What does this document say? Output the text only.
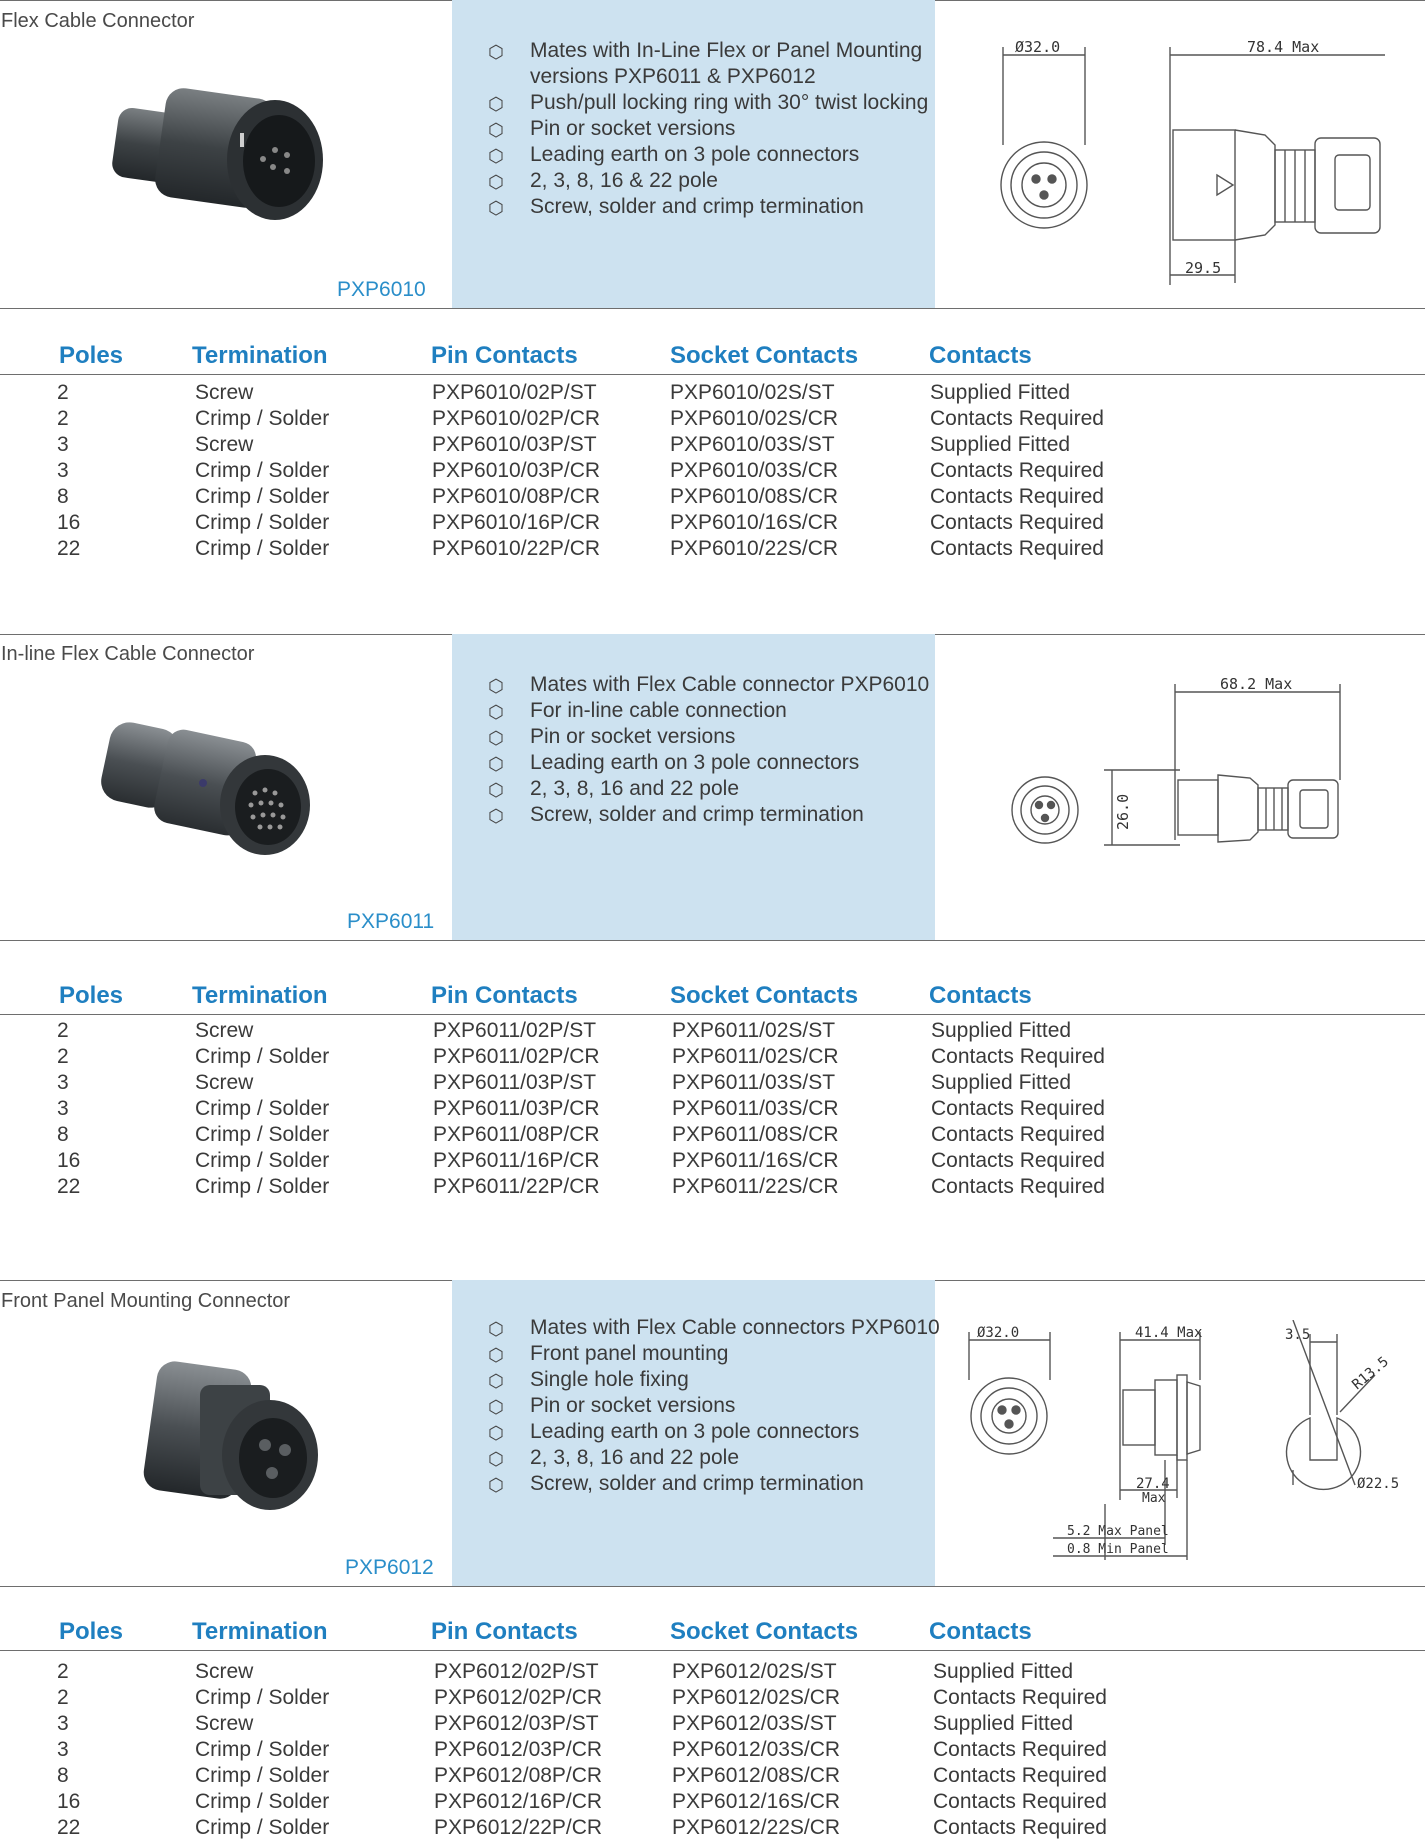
Flex Cable Connector
PXP6010
⬡ Mates with In-Line Flex or Panel Mounting versions PXP6011 & PXP6012
⬡ Push/pull locking ring with 30° twist locking
⬡ Pin or socket versions
⬡ Leading earth on 3 pole connectors
⬡ 2, 3, 8, 16 & 22 pole
⬡ Screw, solder and crimp termination
Ø32.0	78.4 Max
29.5
Poles	Termination	Pin Contacts	Socket Contacts	Contacts
2	Screw	PXP6010/02P/ST	PXP6010/02S/ST	Supplied Fitted
2	Crimp / Solder	PXP6010/02P/CR	PXP6010/02S/CR	Contacts Required
3	Screw	PXP6010/03P/ST	PXP6010/03S/ST	Supplied Fitted
3	Crimp / Solder	PXP6010/03P/CR	PXP6010/03S/CR	Contacts Required
8	Crimp / Solder	PXP6010/08P/CR	PXP6010/08S/CR	Contacts Required
16	Crimp / Solder	PXP6010/16P/CR	PXP6010/16S/CR	Contacts Required
22	Crimp / Solder	PXP6010/22P/CR	PXP6010/22S/CR	Contacts Required
In-line Flex Cable Connector
PXP6011
⬡ Mates with Flex Cable connector PXP6010
⬡ For in-line cable connection
⬡ Pin or socket versions
⬡ Leading earth on 3 pole connectors
⬡ 2, 3, 8, 16 and 22 pole
⬡ Screw, solder and crimp termination
68.2 Max
26.0
Poles	Termination	Pin Contacts	Socket Contacts	Contacts
2	Screw	PXP6011/02P/ST	PXP6011/02S/ST	Supplied Fitted
2	Crimp / Solder	PXP6011/02P/CR	PXP6011/02S/CR	Contacts Required
3	Screw	PXP6011/03P/ST	PXP6011/03S/ST	Supplied Fitted
3	Crimp / Solder	PXP6011/03P/CR	PXP6011/03S/CR	Contacts Required
8	Crimp / Solder	PXP6011/08P/CR	PXP6011/08S/CR	Contacts Required
16	Crimp / Solder	PXP6011/16P/CR	PXP6011/16S/CR	Contacts Required
22	Crimp / Solder	PXP6011/22P/CR	PXP6011/22S/CR	Contacts Required
Front Panel Mounting Connector
PXP6012
⬡ Mates with Flex Cable connectors PXP6010
⬡ Front panel mounting
⬡ Single hole fixing
⬡ Pin or socket versions
⬡ Leading earth on 3 pole connectors
⬡ 2, 3, 8, 16 and 22 pole
⬡ Screw, solder and crimp termination
Ø32.0	41.4 Max
27.4
Max
5.2 Max Panel
0.8 Min Panel
3.5
R13.5
Ø22.5
Poles	Termination	Pin Contacts	Socket Contacts	Contacts
2	Screw	PXP6012/02P/ST	PXP6012/02S/ST	Supplied Fitted
2	Crimp / Solder	PXP6012/02P/CR	PXP6012/02S/CR	Contacts Required
3	Screw	PXP6012/03P/ST	PXP6012/03S/ST	Supplied Fitted
3	Crimp / Solder	PXP6012/03P/CR	PXP6012/03S/CR	Contacts Required
8	Crimp / Solder	PXP6012/08P/CR	PXP6012/08S/CR	Contacts Required
16	Crimp / Solder	PXP6012/16P/CR	PXP6012/16S/CR	Contacts Required
22	Crimp / Solder	PXP6012/22P/CR	PXP6012/22S/CR	Contacts Required
